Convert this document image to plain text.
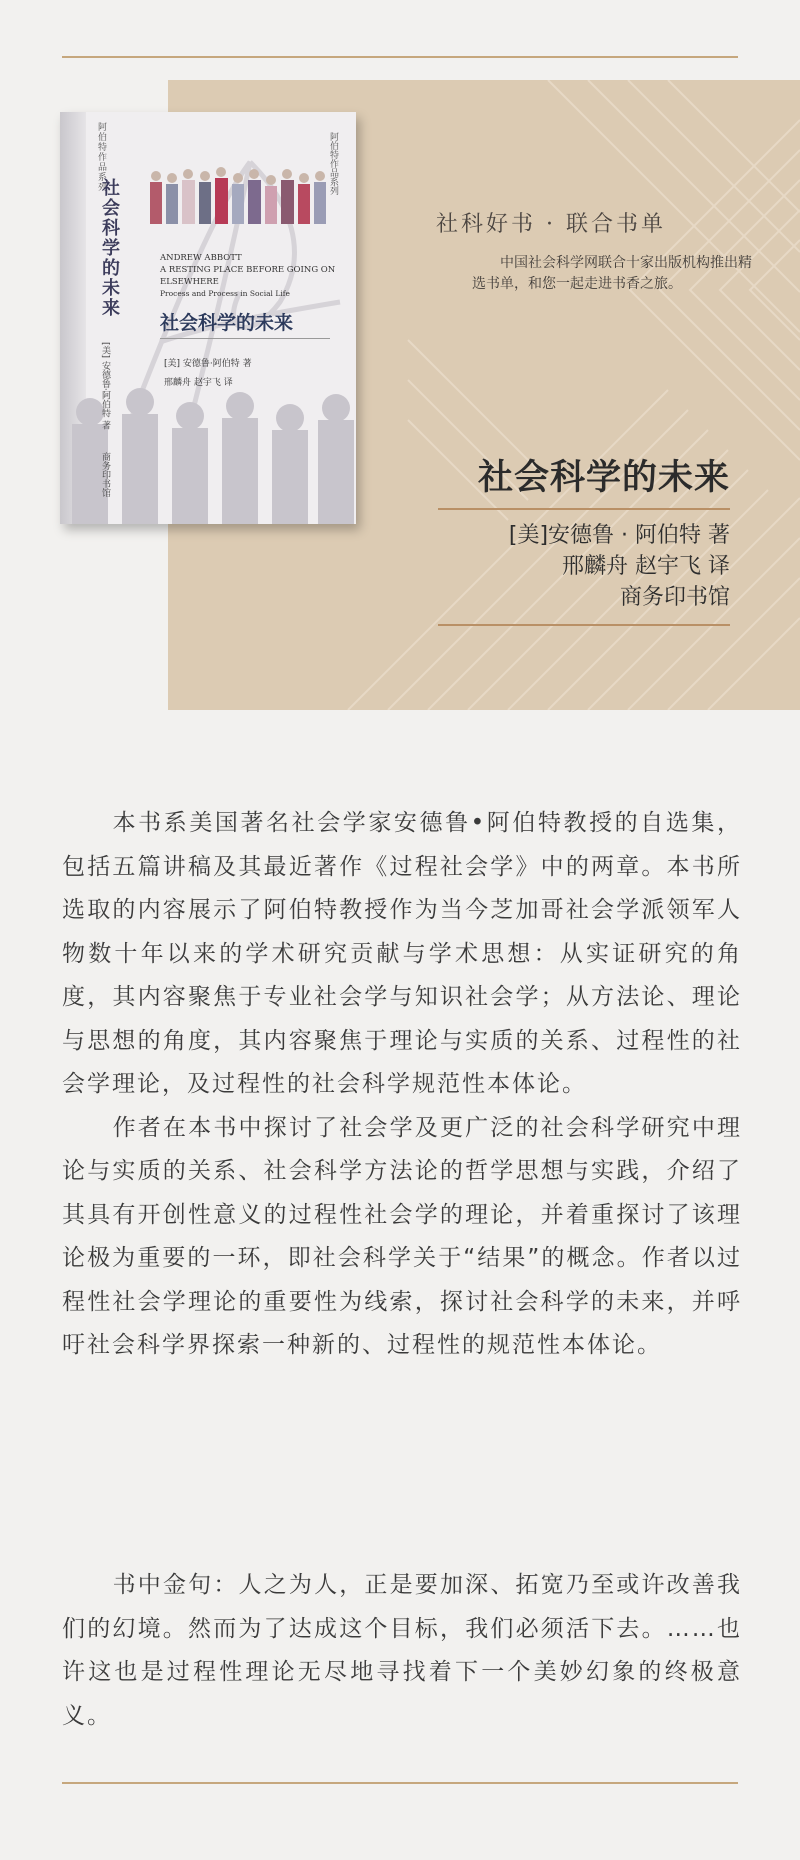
阿伯特作品系列
社会科学的未来
[美] 安德鲁·阿伯特 著
商务印书馆
阿伯特作品系列
ANDREW ABBOTT
A RESTING PLACE BEFORE GOING ON ELSEWHERE
Process and Process in Social Life
社会科学的未来
[美] 安德鲁·阿伯特 著
邢麟舟 赵宇飞 译
社科好书 · 联合书单
中国社会科学网联合十家出版机构推出精选书单，和您一起走进书香之旅。
社会科学的未来
[美]安德鲁 · 阿伯特 著
邢麟舟 赵宇飞 译
商务印书馆

本书系美国著名社会学家安德鲁•阿伯特教授的自选集，包括五篇讲稿及其最近著作《过程社会学》中的两章。本书所选取的内容展示了阿伯特教授作为当今芝加哥社会学派领军人物数十年以来的学术研究贡献与学术思想：从实证研究的角度，其内容聚焦于专业社会学与知识社会学；从方法论、理论与思想的角度，其内容聚焦于理论与实质的关系、过程性的社会学理论，及过程性的社会科学规范性本体论。

作者在本书中探讨了社会学及更广泛的社会科学研究中理论与实质的关系、社会科学方法论的哲学思想与实践，介绍了其具有开创性意义的过程性社会学的理论，并着重探讨了该理论极为重要的一环，即社会科学关于“结果”的概念。作者以过程性社会学理论的重要性为线索，探讨社会科学的未来，并呼吁社会科学界探索一种新的、过程性的规范性本体论。

书中金句：人之为人，正是要加深、拓宽乃至或许改善我们的幻境。然而为了达成这个目标，我们必须活下去。……也许这也是过程性理论无尽地寻找着下一个美妙幻象的终极意义。
